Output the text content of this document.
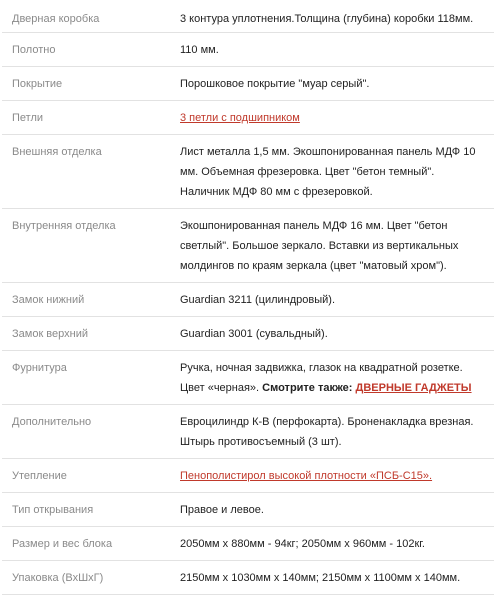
Дверная коробка	3 контура уплотнения.Толщина (глубина) коробки 118мм.
Полотно	110 мм.
Покрытие	Порошковое покрытие "муар серый".
Петли	3 петли с подшипником
Внешняя отделка	Лист металла 1,5 мм. Экошпонированная панель МДФ 10
мм. Объемная фрезеровка. Цвет "бетон темный".
Наличник МДФ 80 мм с фрезеровкой.

Внутренняя отделка	Экошпонированная панель МДФ 16 мм. Цвет "бетон
светлый". Большое зеркало. Вставки из вертикальных
молдингов по краям зеркала (цвет "матовый хром").

Замок нижний	Guardian 3211 (цилиндровый).
Замок верхний	Guardian 3001 (сувальдный).
Фурнитура	Ручка, ночная задвижка, глазок на квадратной розетке.
Цвет «черная». Смотрите также: ДВЕРНЫЕ ГАДЖЕТЫ

Дополнительно	Евроцилиндр К-В (перфокарта). Броненакладка врезная.
Штырь противосъемный (3 шт).

Утепление	Пенополистирол высокой плотности «ПСБ-С15».
Тип открывания	Правое и левое.
Размер и вес блока	2050мм х 880мм - 94кг; 2050мм х 960мм - 102кг.
Упаковка (ВхШхГ)	2150мм х 1030мм х 140мм; 2150мм х 1100мм х 140мм.
